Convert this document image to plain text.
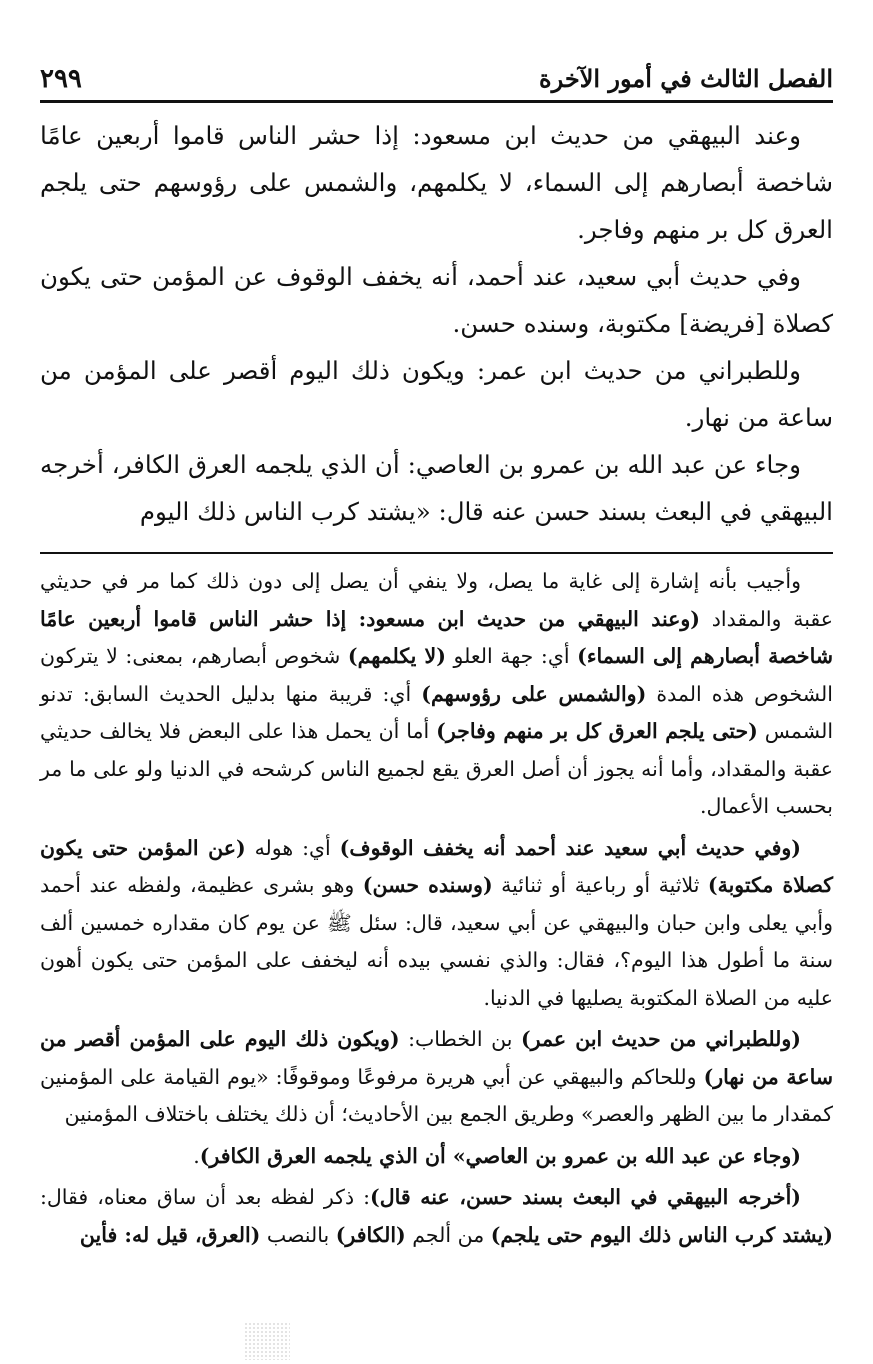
الفصل الثالث في أمور الآخرة
٢٩٩

وعند البيهقي من حديث ابن مسعود: إذا حشر الناس قاموا أربعين عامًا شاخصة أبصارهم إلى السماء، لا يكلمهم، والشمس على رؤوسهم حتى يلجم العرق كل بر منهم وفاجر.

وفي حديث أبي سعيد، عند أحمد، أنه يخفف الوقوف عن المؤمن حتى يكون كصلاة [فريضة] مكتوبة، وسنده حسن.

وللطبراني من حديث ابن عمر: ويكون ذلك اليوم أقصر على المؤمن من ساعة من نهار.

وجاء عن عبد الله بن عمرو بن العاصي: أن الذي يلجمه العرق الكافر، أخرجه البيهقي في البعث بسند حسن عنه قال: «يشتد كرب الناس ذلك اليوم

وأجيب بأنه إشارة إلى غاية ما يصل، ولا ينفي أن يصل إلى دون ذلك كما مر في حديثي عقبة والمقداد (وعند البيهقي من حديث ابن مسعود: إذا حشر الناس قاموا أربعين عامًا شاخصة أبصارهم إلى السماء) أي: جهة العلو (لا يكلمهم) شخوص أبصارهم، بمعنى: لا يتركون الشخوص هذه المدة (والشمس على رؤوسهم) أي: قريبة منها بدليل الحديث السابق: تدنو الشمس (حتى يلجم العرق كل بر منهم وفاجر) أما أن يحمل هذا على البعض فلا يخالف حديثي عقبة والمقداد، وأما أنه يجوز أن أصل العرق يقع لجميع الناس كرشحه في الدنيا ولو على ما مر بحسب الأعمال.

(وفي حديث أبي سعيد عند أحمد أنه يخفف الوقوف) أي: هوله (عن المؤمن حتى يكون كصلاة مكتوبة) ثلاثية أو رباعية أو ثنائية (وسنده حسن) وهو بشرى عظيمة، ولفظه عند أحمد وأبي يعلى وابن حبان والبيهقي عن أبي سعيد، قال: سئل ﷺ عن يوم كان مقداره خمسين ألف سنة ما أطول هذا اليوم؟، فقال: والذي نفسي بيده أنه ليخفف على المؤمن حتى يكون أهون عليه من الصلاة المكتوبة يصليها في الدنيا.

(وللطبراني من حديث ابن عمر) بن الخطاب: (ويكون ذلك اليوم على المؤمن أقصر من ساعة من نهار) وللحاكم والبيهقي عن أبي هريرة مرفوعًا وموقوفًا: «يوم القيامة على المؤمنين كمقدار ما بين الظهر والعصر» وطريق الجمع بين الأحاديث؛ أن ذلك يختلف باختلاف المؤمنين

(وجاء عن عبد الله بن عمرو بن العاصي» أن الذي يلجمه العرق الكافر).

(أخرجه البيهقي في البعث بسند حسن، عنه قال): ذكر لفظه بعد أن ساق معناه، فقال: (يشتد كرب الناس ذلك اليوم حتى يلجم) من ألجم (الكافر) بالنصب (العرق، قيل له: فأين
